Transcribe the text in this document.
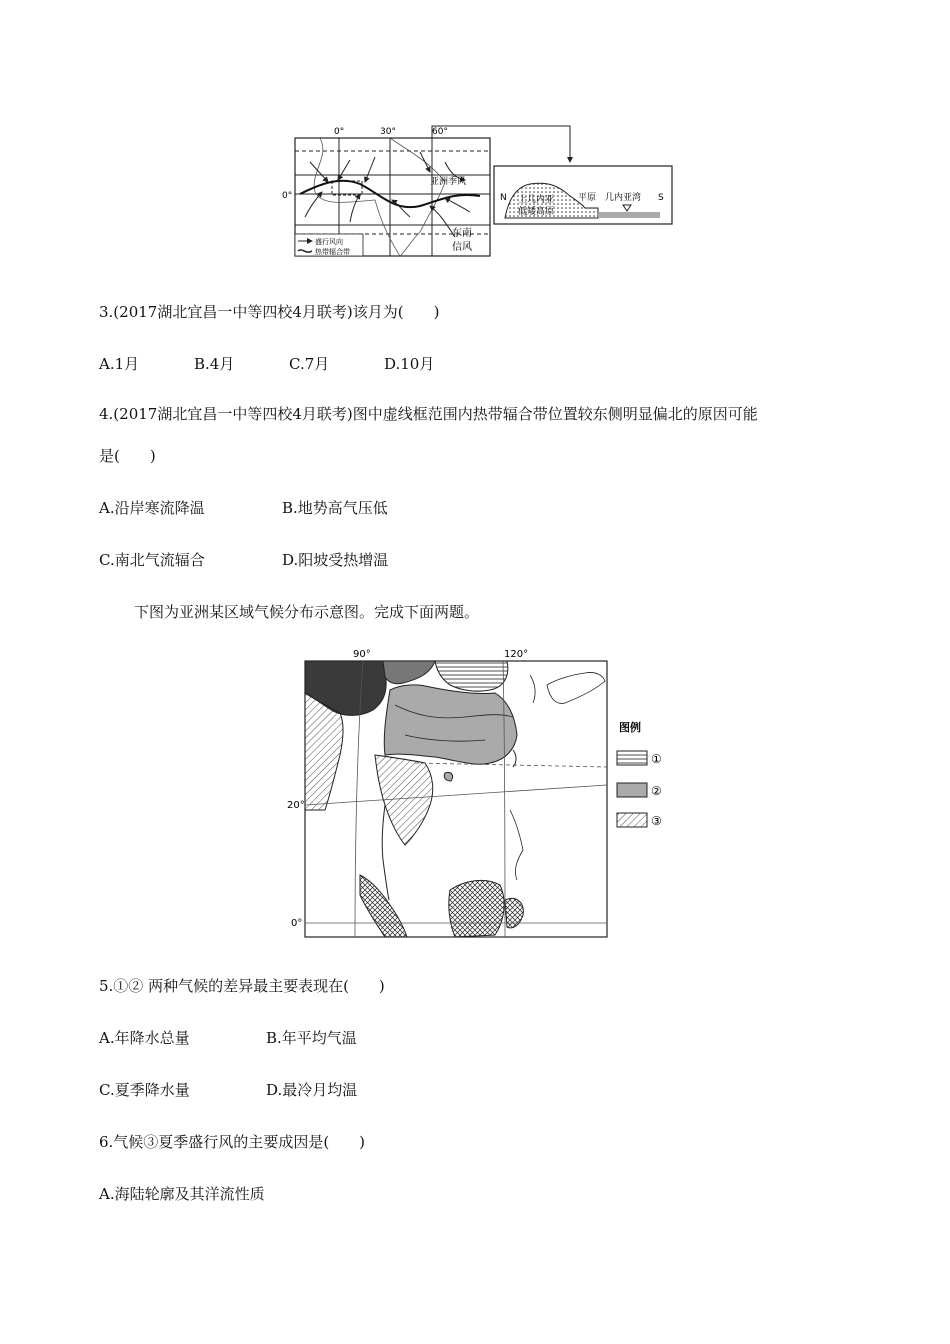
0°	30°	60°
0°
亚洲季风
东南
信风
盛行风向
热带辐合带
N	S
上几内亚
低矮高原
平原 几内亚湾
3.(2017湖北宜昌一中等四校4月联考)该月为(　　)
A.1月	B.4月	C.7月	D.10月
4.(2017湖北宜昌一中等四校4月联考)图中虚线框范围内热带辐合带位置较东侧明显偏北的原因可能
是(　　)
A.沿岸寒流降温	B.地势高气压低
C.南北气流辐合	D.阳坡受热增温
下图为亚洲某区域气候分布示意图。完成下面两题。
90°	120°
20°
0°
图例
①
②
③
5.①② 两种气候的差异最主要表现在(　　)
A.年降水总量	B.年平均气温
C.夏季降水量	D.最冷月均温
6.气候③夏季盛行风的主要成因是(　　)
A.海陆轮廓及其洋流性质
